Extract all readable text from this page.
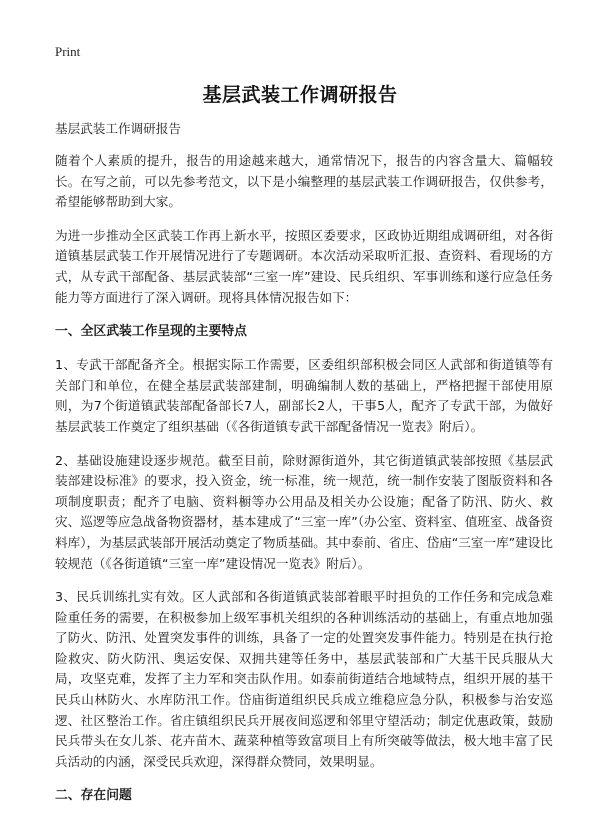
Print
基层武装工作调研报告

基层武装工作调研报告

随着个人素质的提升，报告的用途越来越大，通常情况下，报告的内容含量大、篇幅较长。在写之前，可以先参考范文，以下是小编整理的基层武装工作调研报告，仅供参考，希望能够帮助到大家。

为进一步推动全区武装工作再上新水平，按照区委要求，区政协近期组成调研组，对各街道镇基层武装工作开展情况进行了专题调研。本次活动采取听汇报、查资料、看现场的方式，从专武干部配备、基层武装部“三室一库”建设、民兵组织、军事训练和遂行应急任务能力等方面进行了深入调研。现将具体情况报告如下：

一、全区武装工作呈现的主要特点

1、专武干部配备齐全。根据实际工作需要，区委组织部积极会同区人武部和街道镇等有关部门和单位，在健全基层武装部建制，明确编制人数的基础上，严格把握干部使用原则，为7个街道镇武装部配备部长7人，副部长2人，干事5人，配齐了专武干部，为做好基层武装工作奠定了组织基础（《各街道镇专武干部配备情况一览表》附后）。

2、基础设施建设逐步规范。截至目前，除财源街道外，其它街道镇武装部按照《基层武装部建设标准》的要求，投入资金，统一标准，统一规范，统一制作安装了图版资料和各项制度职责；配齐了电脑、资料橱等办公用品及相关办公设施；配备了防汛、防火、救灾、巡逻等应急战备物资器材，基本建成了“三室一库”（办公室、资料室、值班室、战备资料库），为基层武装部开展活动奠定了物质基础。其中泰前、省庄、岱庙“三室一库”建设比较规范（《各街道镇“三室一库”建设情况一览表》附后）。

3、民兵训练扎实有效。区人武部和各街道镇武装部着眼平时担负的工作任务和完成急难险重任务的需要，在积极参加上级军事机关组织的各种训练活动的基础上，有重点地加强了防火、防汛、处置突发事件的训练，具备了一定的处置突发事件能力。特别是在执行抢险救灾、防火防汛、奥运安保、双拥共建等任务中，基层武装部和广大基干民兵服从大局，攻坚克难，发挥了主力军和突击队作用。如泰前街道结合地域特点，组织开展的基干民兵山林防火、水库防汛工作。岱庙街道组织民兵成立维稳应急分队，积极参与治安巡逻、社区整治工作。省庄镇组织民兵开展夜间巡逻和邻里守望活动；制定优惠政策，鼓励民兵带头在女儿茶、花卉苗木、蔬菜种植等致富项目上有所突破等做法，极大地丰富了民兵活动的内涵，深受民兵欢迎，深得群众赞同，效果明显。

二、存在问题
